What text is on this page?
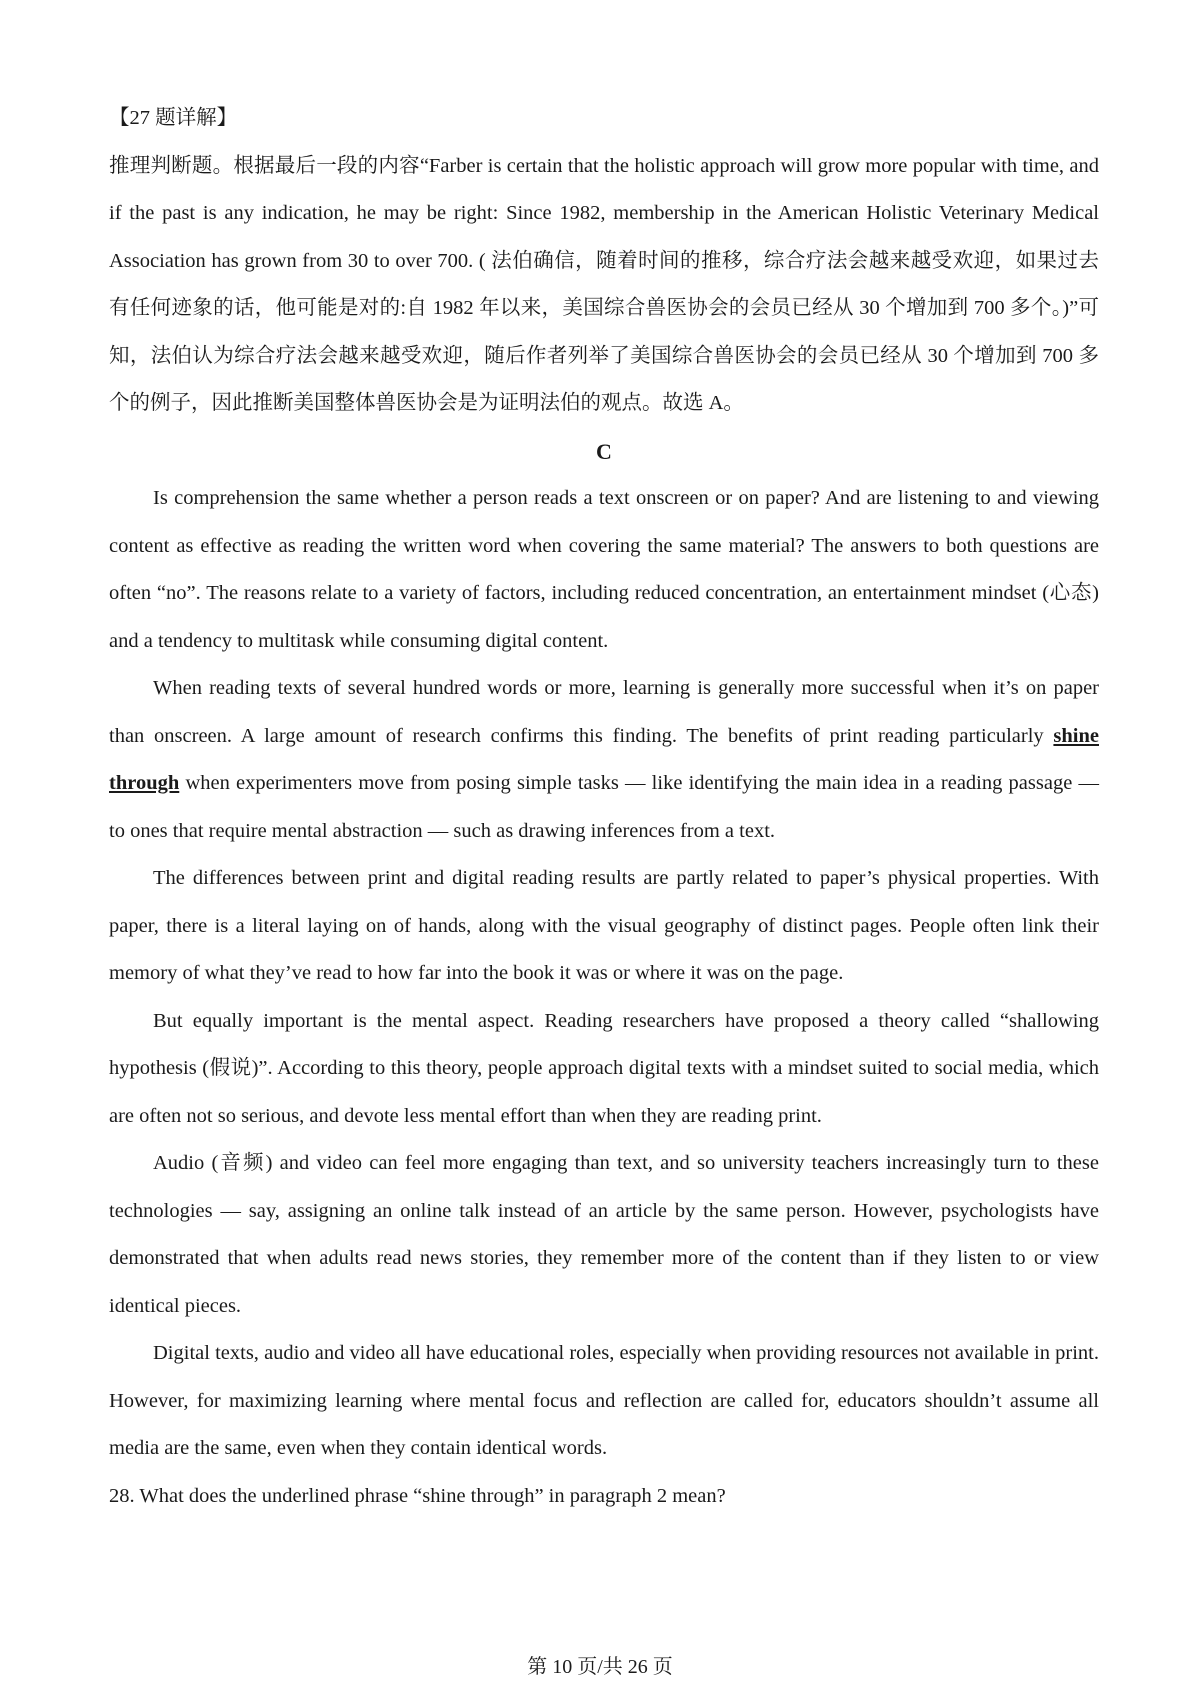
【27 题详解】
推理判断题。根据最后一段的内容“Farber is certain that the holistic approach will grow more popular with time, and if the past is any indication, he may be right: Since 1982, membership in the American Holistic Veterinary Medical Association has grown from 30 to over 700. ( 法伯确信，随着时间的推移，综合疗法会越来越受欢迎，如果过去有任何迹象的话，他可能是对的:自 1982 年以来，美国综合兽医协会的会员已经从 30 个增加到 700 多个。)”可知，法伯认为综合疗法会越来越受欢迎，随后作者列举了美国综合兽医协会的会员已经从 30 个增加到 700 多个的例子，因此推断美国整体兽医协会是为证明法伯的观点。故选 A。
C
Is comprehension the same whether a person reads a text onscreen or on paper? And are listening to and viewing content as effective as reading the written word when covering the same material? The answers to both questions are often “no”. The reasons relate to a variety of factors, including reduced concentration, an entertainment mindset (心态) and a tendency to multitask while consuming digital content.
When reading texts of several hundred words or more, learning is generally more successful when it’s on paper than onscreen. A large amount of research confirms this finding. The benefits of print reading particularly shine through when experimenters move from posing simple tasks — like identifying the main idea in a reading passage — to ones that require mental abstraction — such as drawing inferences from a text.
The differences between print and digital reading results are partly related to paper’s physical properties. With paper, there is a literal laying on of hands, along with the visual geography of distinct pages. People often link their memory of what they’ve read to how far into the book it was or where it was on the page.
But equally important is the mental aspect. Reading researchers have proposed a theory called “shallowing hypothesis (假说)”. According to this theory, people approach digital texts with a mindset suited to social media, which are often not so serious, and devote less mental effort than when they are reading print.
Audio (音频) and video can feel more engaging than text, and so university teachers increasingly turn to these technologies — say, assigning an online talk instead of an article by the same person. However, psychologists have demonstrated that when adults read news stories, they remember more of the content than if they listen to or view identical pieces.
Digital texts, audio and video all have educational roles, especially when providing resources not available in print. However, for maximizing learning where mental focus and reflection are called for, educators shouldn’t assume all media are the same, even when they contain identical words.
28. What does the underlined phrase “shine through” in paragraph 2 mean?
第 10 页/共 26 页
